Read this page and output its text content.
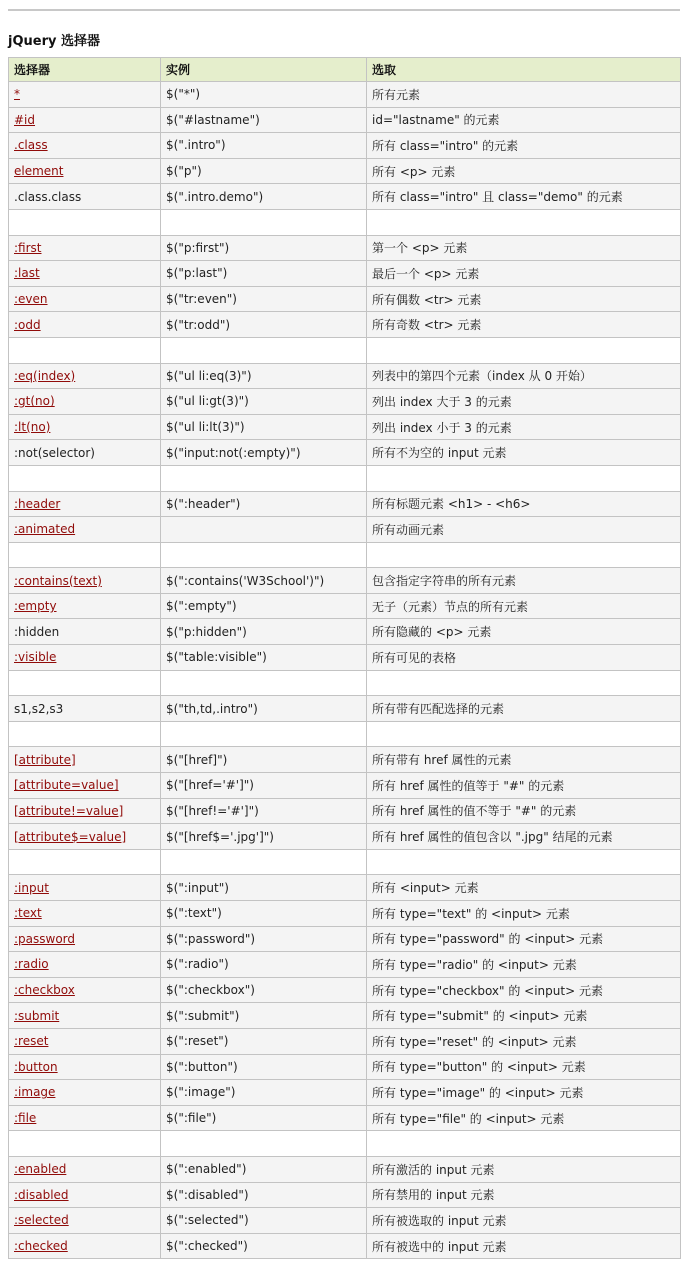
jQuery 选择器
选择器	实例	选取
*	$("*")	所有元素
#id	$("#lastname")	id="lastname" 的元素
.class	$(".intro")	所有 class="intro" 的元素
element	$("p")	所有 <p> 元素
.class.class	$(".intro.demo")	所有 class="intro" 且 class="demo" 的元素

:first	$("p:first")	第一个 <p> 元素
:last	$("p:last")	最后一个 <p> 元素
:even	$("tr:even")	所有偶数 <tr> 元素
:odd	$("tr:odd")	所有奇数 <tr> 元素

:eq(index)	$("ul li:eq(3)")	列表中的第四个元素（index 从 0 开始）
:gt(no)	$("ul li:gt(3)")	列出 index 大于 3 的元素
:lt(no)	$("ul li:lt(3)")	列出 index 小于 3 的元素
:not(selector)	$("input:not(:empty)")	所有不为空的 input 元素

:header	$(":header")	所有标题元素 <h1> - <h6>
:animated		所有动画元素

:contains(text)	$(":contains('W3School')")	包含指定字符串的所有元素
:empty	$(":empty")	无子（元素）节点的所有元素
:hidden	$("p:hidden")	所有隐藏的 <p> 元素
:visible	$("table:visible")	所有可见的表格

s1,s2,s3	$("th,td,.intro")	所有带有匹配选择的元素

[attribute]	$("[href]")	所有带有 href 属性的元素
[attribute=value]	$("[href='#']")	所有 href 属性的值等于 "#" 的元素
[attribute!=value]	$("[href!='#']")	所有 href 属性的值不等于 "#" 的元素
[attribute$=value]	$("[href$='.jpg']")	所有 href 属性的值包含以 ".jpg" 结尾的元素

:input	$(":input")	所有 <input> 元素
:text	$(":text")	所有 type="text" 的 <input> 元素
:password	$(":password")	所有 type="password" 的 <input> 元素
:radio	$(":radio")	所有 type="radio" 的 <input> 元素
:checkbox	$(":checkbox")	所有 type="checkbox" 的 <input> 元素
:submit	$(":submit")	所有 type="submit" 的 <input> 元素
:reset	$(":reset")	所有 type="reset" 的 <input> 元素
:button	$(":button")	所有 type="button" 的 <input> 元素
:image	$(":image")	所有 type="image" 的 <input> 元素
:file	$(":file")	所有 type="file" 的 <input> 元素

:enabled	$(":enabled")	所有激活的 input 元素
:disabled	$(":disabled")	所有禁用的 input 元素
:selected	$(":selected")	所有被选取的 input 元素
:checked	$(":checked")	所有被选中的 input 元素
